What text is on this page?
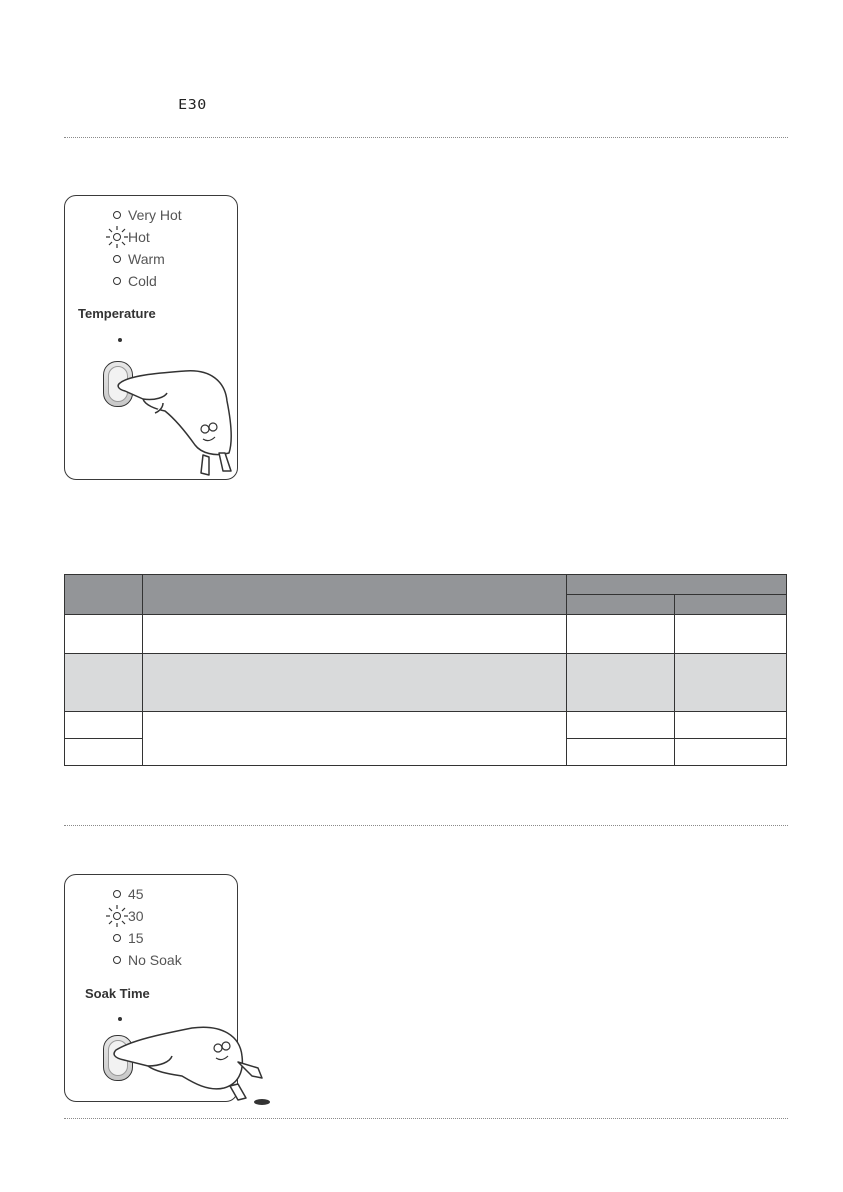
E30
Very Hot
Hot
Warm
Cold
Temperature

45
30
15
No Soak
Soak Time
